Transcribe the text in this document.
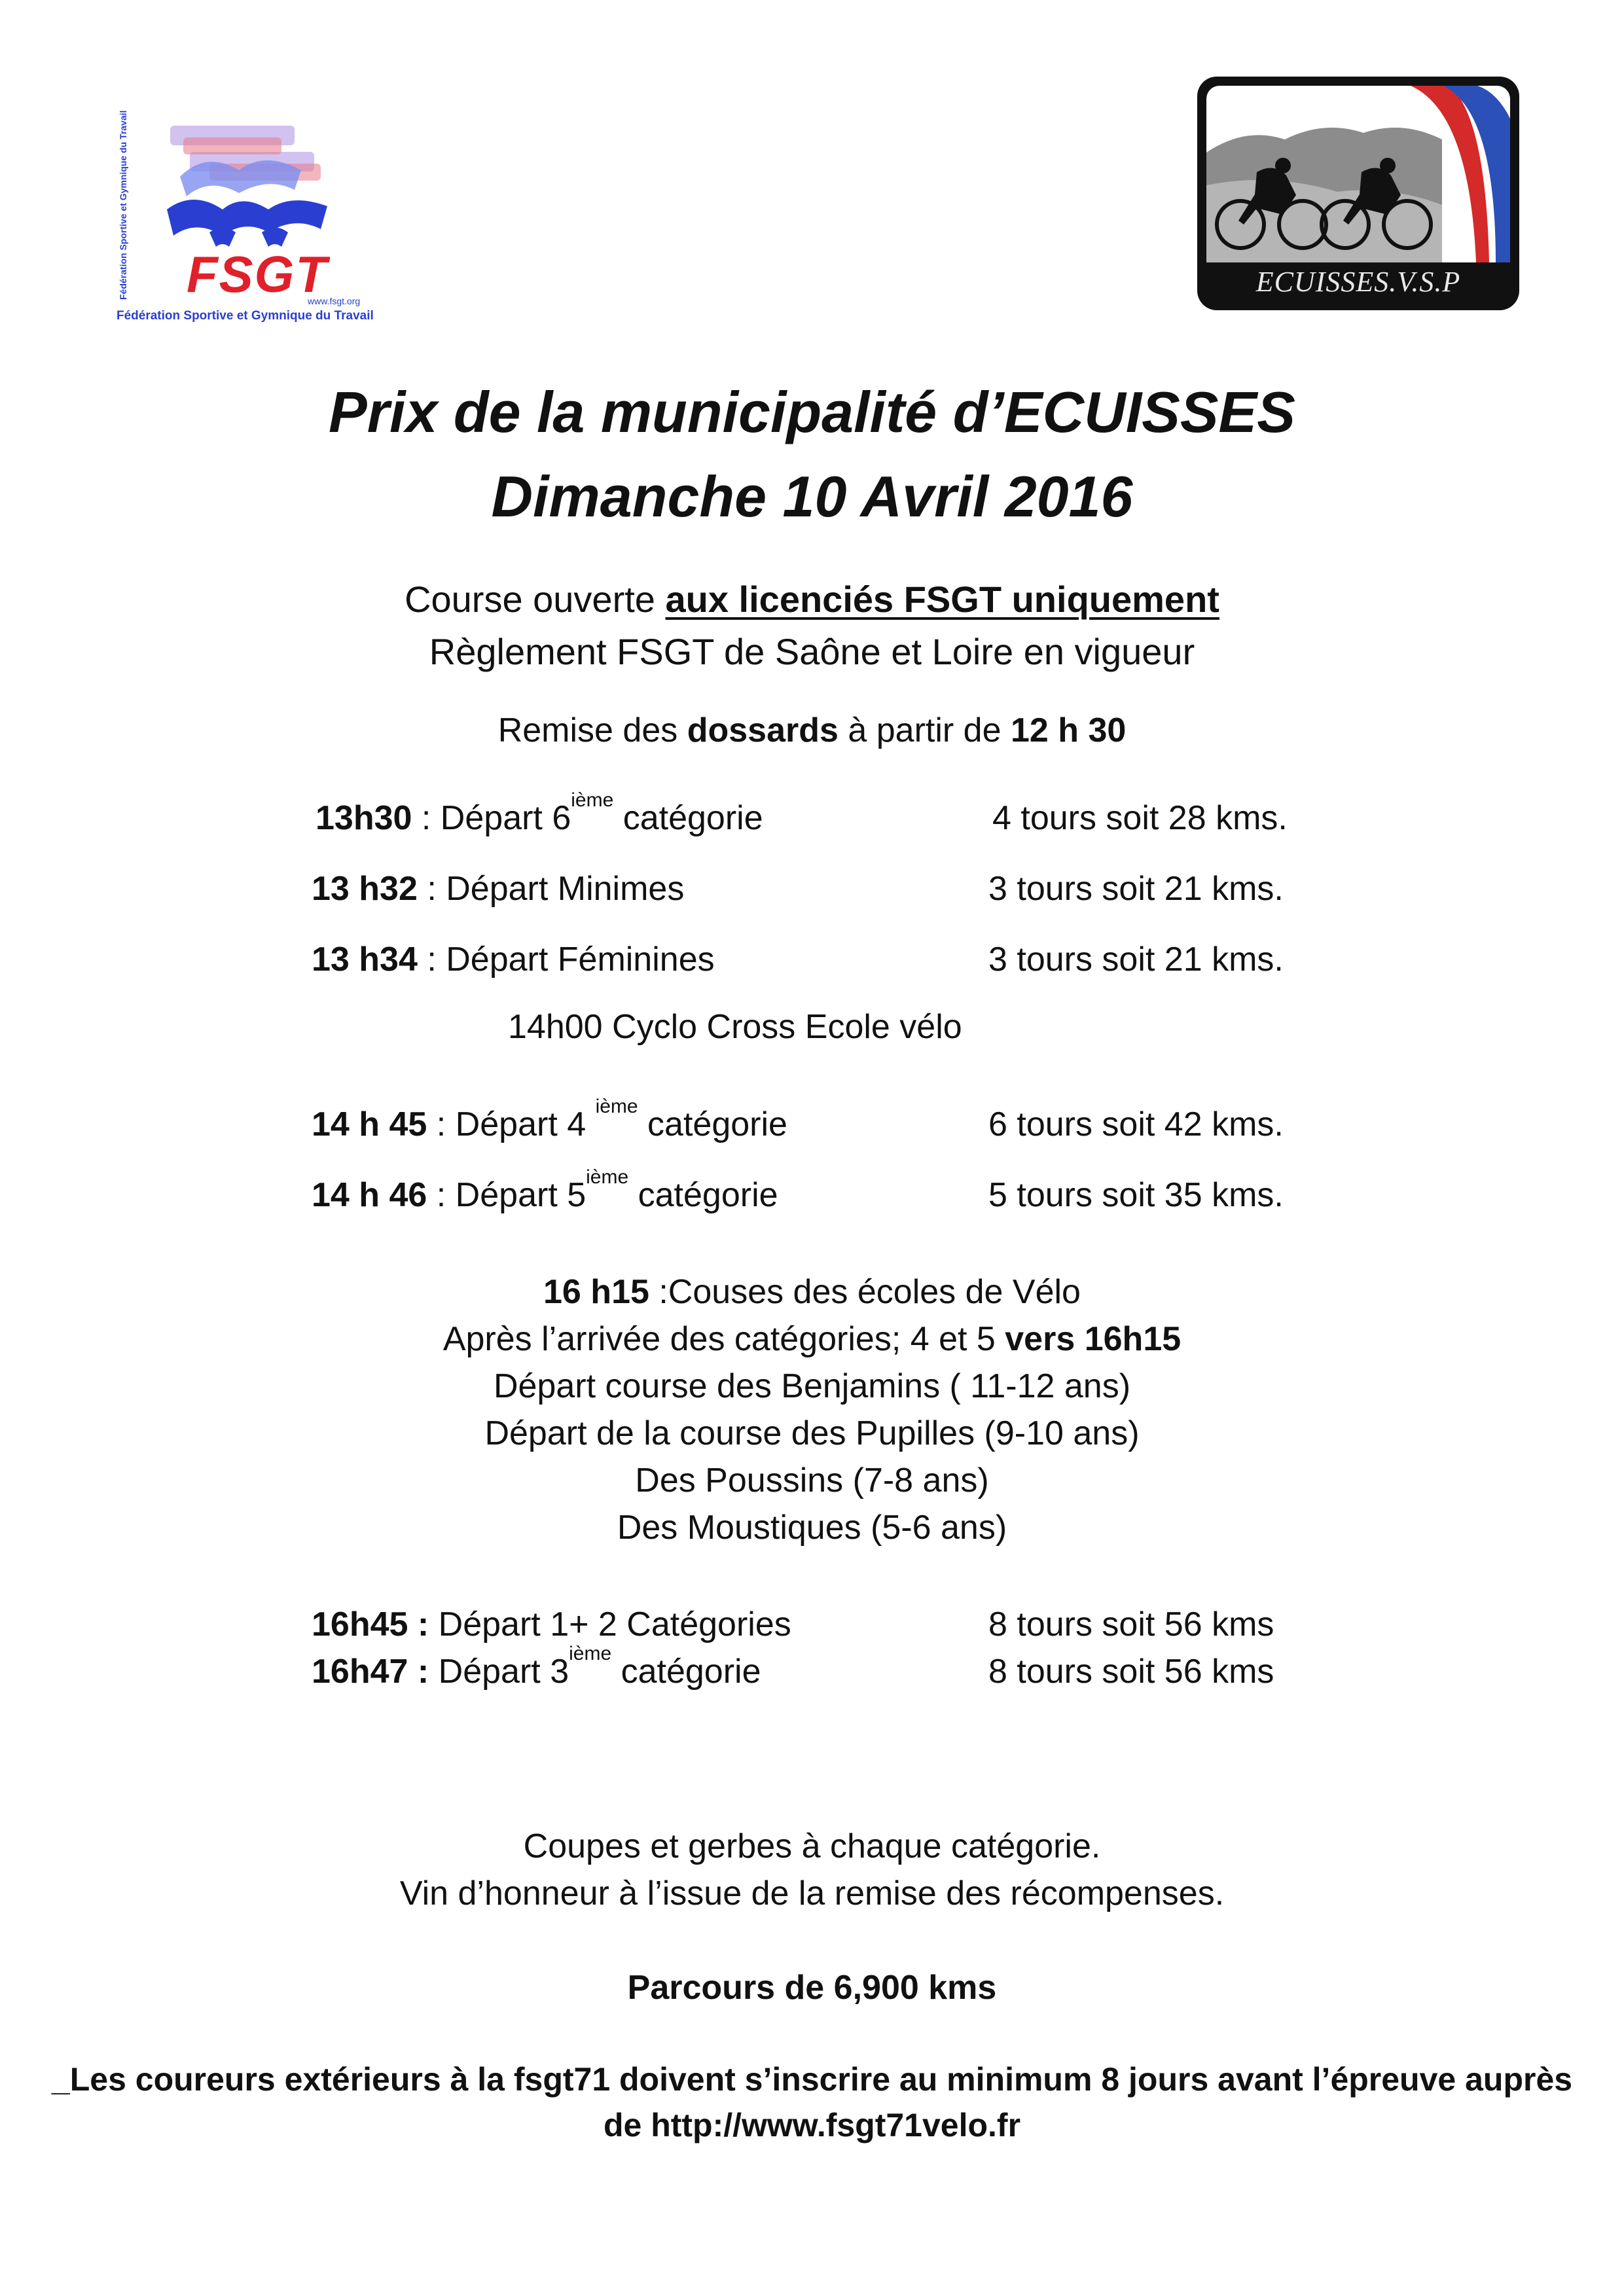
Fédération Sportive et Gymnique du Travail FSGT
www.fsgt.org
Fédération Sportive et Gymnique du Travail
ECUISSES.V.S.P
Prix de la municipalité d’ECUISSES
Dimanche 10 Avril 2016
Course ouverte aux licenciés FSGT uniquement
Règlement FSGT de Saône et Loire en vigueur
Remise des dossards à partir de 12 h 30
13h30 : Départ 6ième catégorie	4 tours soit 28 kms.
13 h32 : Départ Minimes	3 tours soit 21 kms.
13 h34 : Départ Féminines	3 tours soit 21 kms.
14h00 Cyclo Cross Ecole vélo
14 h 45 : Départ 4 $^{ième}$ catégorie	6 tours soit 42 kms.
14 h 46 : Départ 5ième catégorie	5 tours soit 35 kms.
16 h15 :Couses des écoles de Vélo
Après l’arrivée des catégories; 4 et 5 vers 16h15
Départ course des Benjamins ( 11-12 ans)
Départ de la course des Pupilles (9-10 ans)
Des Poussins (7-8 ans)
Des Moustiques (5-6 ans)
16h45 : Départ 1+ 2 Catégories	8 tours soit 56 kms
16h47 : Départ 3ième catégorie	8 tours soit 56 kms
Coupes et gerbes à chaque catégorie.
Vin d’honneur à l’issue de la remise des récompenses.
Parcours de 6,900 kms
_Les coureurs extérieurs à la fsgt71 doivent s’inscrire au minimum 8 jours avant l’épreuve auprès
de http://www.fsgt71velo.fr
